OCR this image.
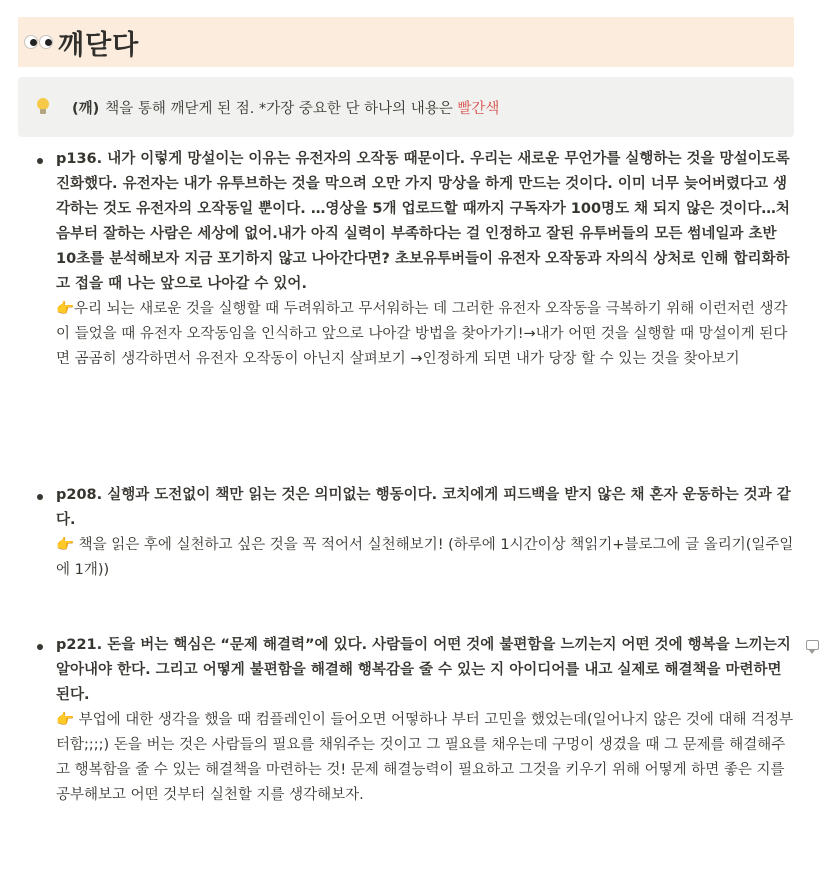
깨닫다
(깨) 책을 통해 깨닫게 된 점. *가장 중요한 단 하나의 내용은
빨간색
p136. 내가 이렇게 망설이는 이유는 유전자의 오작동 때문이다. 우리는 새로운 무언가를 실행하는 것을 망설이도록 진화했다. 유전자는 내가 유투브하는 것을 막으려 오만 가지 망상을 하게 만드는 것이다. 이미 너무 늦어버렸다고 생각하는 것도 유전자의 오작동일 뿐이다. …영상을 5개 업로드할 때까지 구독자가 100명도 채 되지 않은 것이다…처음부터 잘하는 사람은 세상에 없어.내가 아직 실력이 부족하다는 걸 인정하고 잘된 유투버들의 모든 썸네일과 초반 10초를 분석해보자 지금 포기하지 않고 나아간다면? 초보유투버들이 유전자 오작동과 자의식 상처로 인해 합리화하고 접을 때 나는 앞으로 나아갈 수 있어.
👉우리 뇌는 새로운 것을 실행할 때 두려워하고 무서워하는 데 그러한 유전자 오작동을 극복하기 위해 이런저런 생각이 들었을 때 유전자 오작동임을 인식하고 앞으로 나아갈 방법을 찾아가기!→내가 어떤 것을 실행할 때 망설이게 된다면 곰곰히 생각하면서 유전자 오작동이 아닌지 살펴보기 →인정하게 되면 내가 당장 할 수 있는 것을 찾아보기
p208. 실행과 도전없이 책만 읽는 것은 의미없는 행동이다. 코치에게 피드백을 받지 않은 채 혼자 운동하는 것과 같다.
👉 책을 읽은 후에 실천하고 싶은 것을 꼭 적어서 실천해보기! (하루에 1시간이상 책읽기+블로그에 글 올리기(일주일에 1개))
p221. 돈을 버는 핵심은 “문제 해결력”에 있다. 사람들이 어떤 것에 불편함을 느끼는지 어떤 것에 행복을 느끼는지 알아내야 한다. 그리고 어떻게 불편함을 해결해 행복감을 줄 수 있는 지 아이디어를 내고 실제로 해결책을 마련하면 된다.
👉 부업에 대한 생각을 했을 때 컴플레인이 들어오면 어떻하나 부터 고민을 했었는데(일어나지 않은 것에 대해 걱정부터함;;;;) 돈을 버는 것은 사람들의 필요를 채워주는 것이고 그 필요를 채우는데 구멍이 생겼을 때 그 문제를 해결해주고 행복함을 줄 수 있는 해결책을 마련하는 것! 문제 해결능력이 필요하고 그것을 키우기 위해 어떻게 하면 좋은 지를 공부해보고 어떤 것부터 실천할 지를 생각해보자.
